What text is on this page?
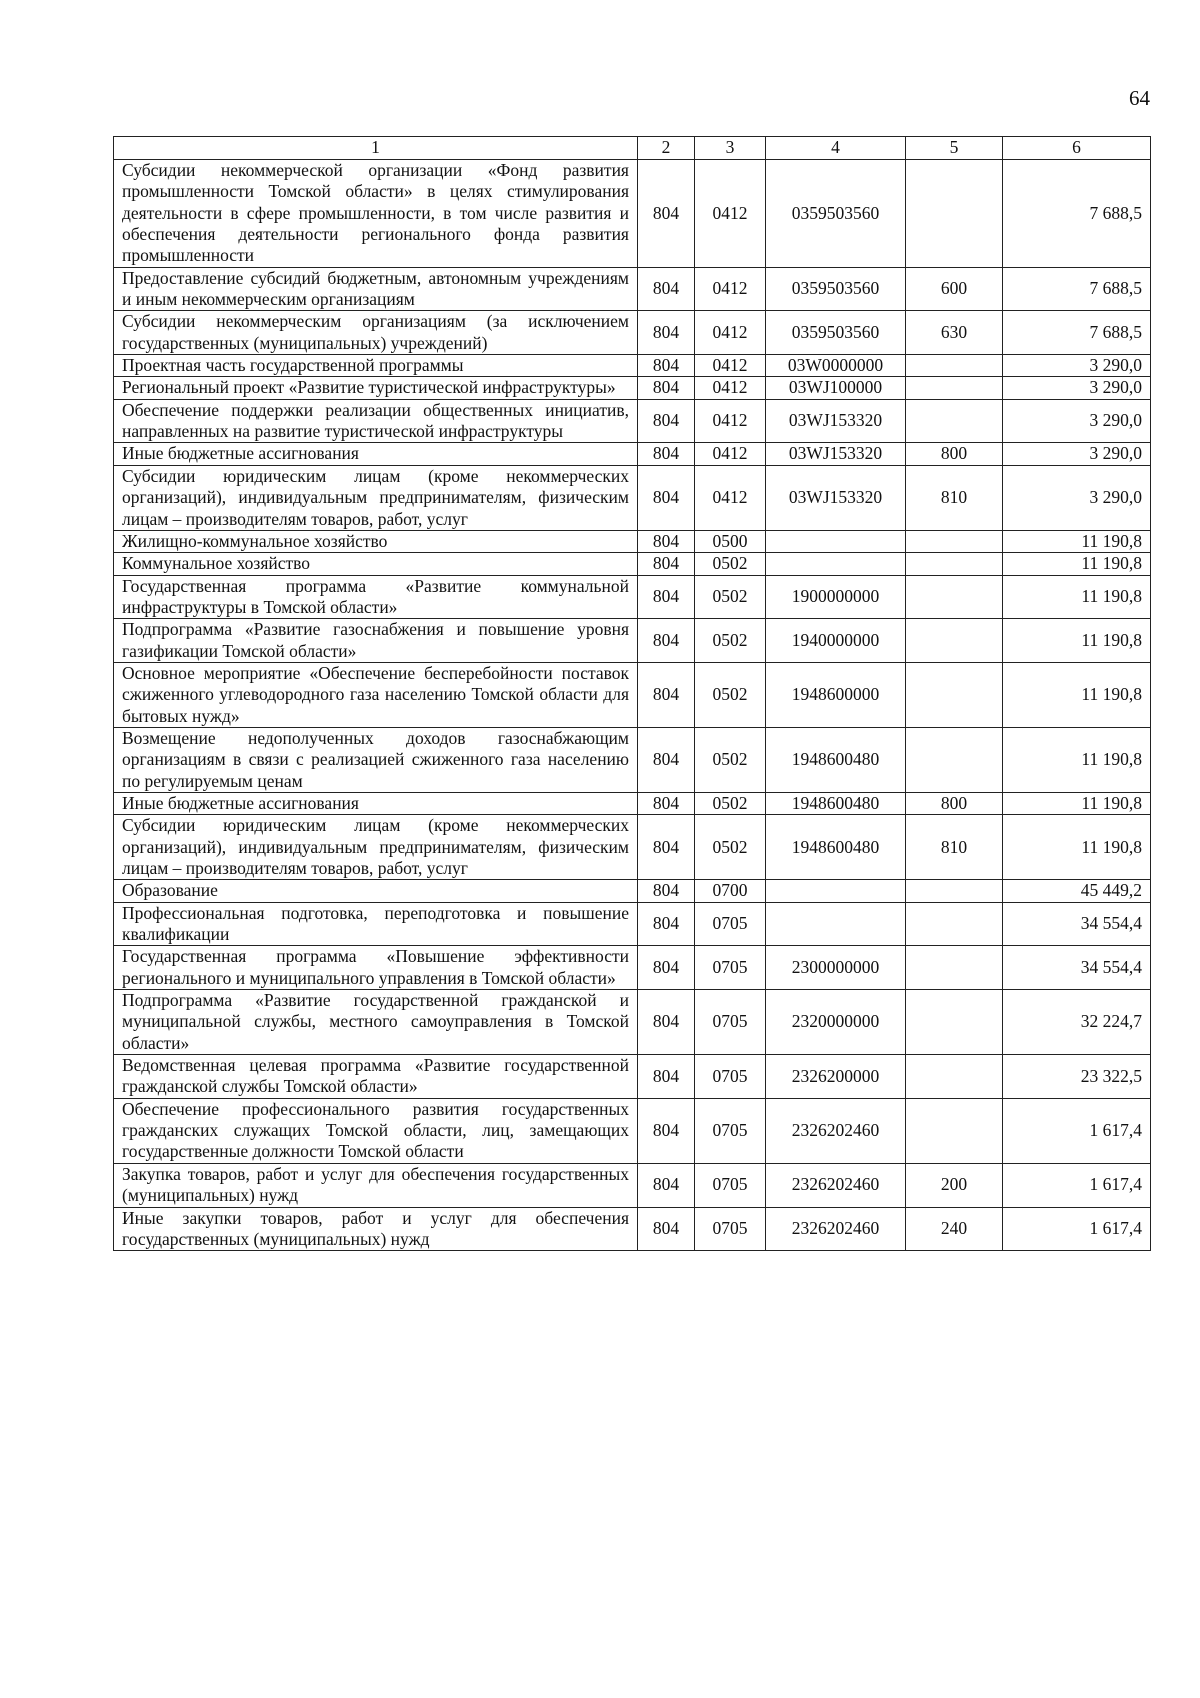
64
1	2	3	4	5	6
Субсидии некоммерческой организации «Фонд развития промышленности Томской области» в целях стимулирования деятельности в сфере промышленности, в том числе развития и обеспечения деятельности регионального фонда развития промышленности	804	0412	0359503560		7 688,5
Предоставление субсидий бюджетным, автономным учреждениям и иным некоммерческим организациям	804	0412	0359503560	600	7 688,5
Субсидии некоммерческим организациям (за исключением государственных (муниципальных) учреждений)	804	0412	0359503560	630	7 688,5
Проектная часть государственной программы	804	0412	03W0000000		3 290,0
Региональный проект «Развитие туристической инфраструктуры»	804	0412	03WJ100000		3 290,0
Обеспечение поддержки реализации общественных инициатив, направленных на развитие туристической инфраструктуры	804	0412	03WJ153320		3 290,0
Иные бюджетные ассигнования	804	0412	03WJ153320	800	3 290,0
Субсидии юридическим лицам (кроме некоммерческих организаций), индивидуальным предпринимателям, физическим лицам – производителям товаров, работ, услуг	804	0412	03WJ153320	810	3 290,0
Жилищно-коммунальное хозяйство	804	0500			11 190,8
Коммунальное хозяйство	804	0502			11 190,8
Государственная программа «Развитие коммунальной инфраструктуры в Томской области»	804	0502	1900000000		11 190,8
Подпрограмма «Развитие газоснабжения и повышение уровня газификации Томской области»	804	0502	1940000000		11 190,8
Основное мероприятие «Обеспечение бесперебойности поставок сжиженного углеводородного газа населению Томской области для бытовых нужд»	804	0502	1948600000		11 190,8
Возмещение недополученных доходов газоснабжающим организациям в связи с реализацией сжиженного газа населению по регулируемым ценам	804	0502	1948600480		11 190,8
Иные бюджетные ассигнования	804	0502	1948600480	800	11 190,8
Субсидии юридическим лицам (кроме некоммерческих организаций), индивидуальным предпринимателям, физическим лицам – производителям товаров, работ, услуг	804	0502	1948600480	810	11 190,8
Образование	804	0700			45 449,2
Профессиональная подготовка, переподготовка и повышение квалификации	804	0705			34 554,4
Государственная программа «Повышение эффективности регионального и муниципального управления в Томской области»	804	0705	2300000000		34 554,4
Подпрограмма «Развитие государственной гражданской и муниципальной службы, местного самоуправления в Томской области»	804	0705	2320000000		32 224,7
Ведомственная целевая программа «Развитие государственной гражданской службы Томской области»	804	0705	2326200000		23 322,5
Обеспечение профессионального развития государственных гражданских служащих Томской области, лиц, замещающих государственные должности Томской области	804	0705	2326202460		1 617,4
Закупка товаров, работ и услуг для обеспечения государственных (муниципальных) нужд	804	0705	2326202460	200	1 617,4
Иные закупки товаров, работ и услуг для обеспечения государственных (муниципальных) нужд	804	0705	2326202460	240	1 617,4
